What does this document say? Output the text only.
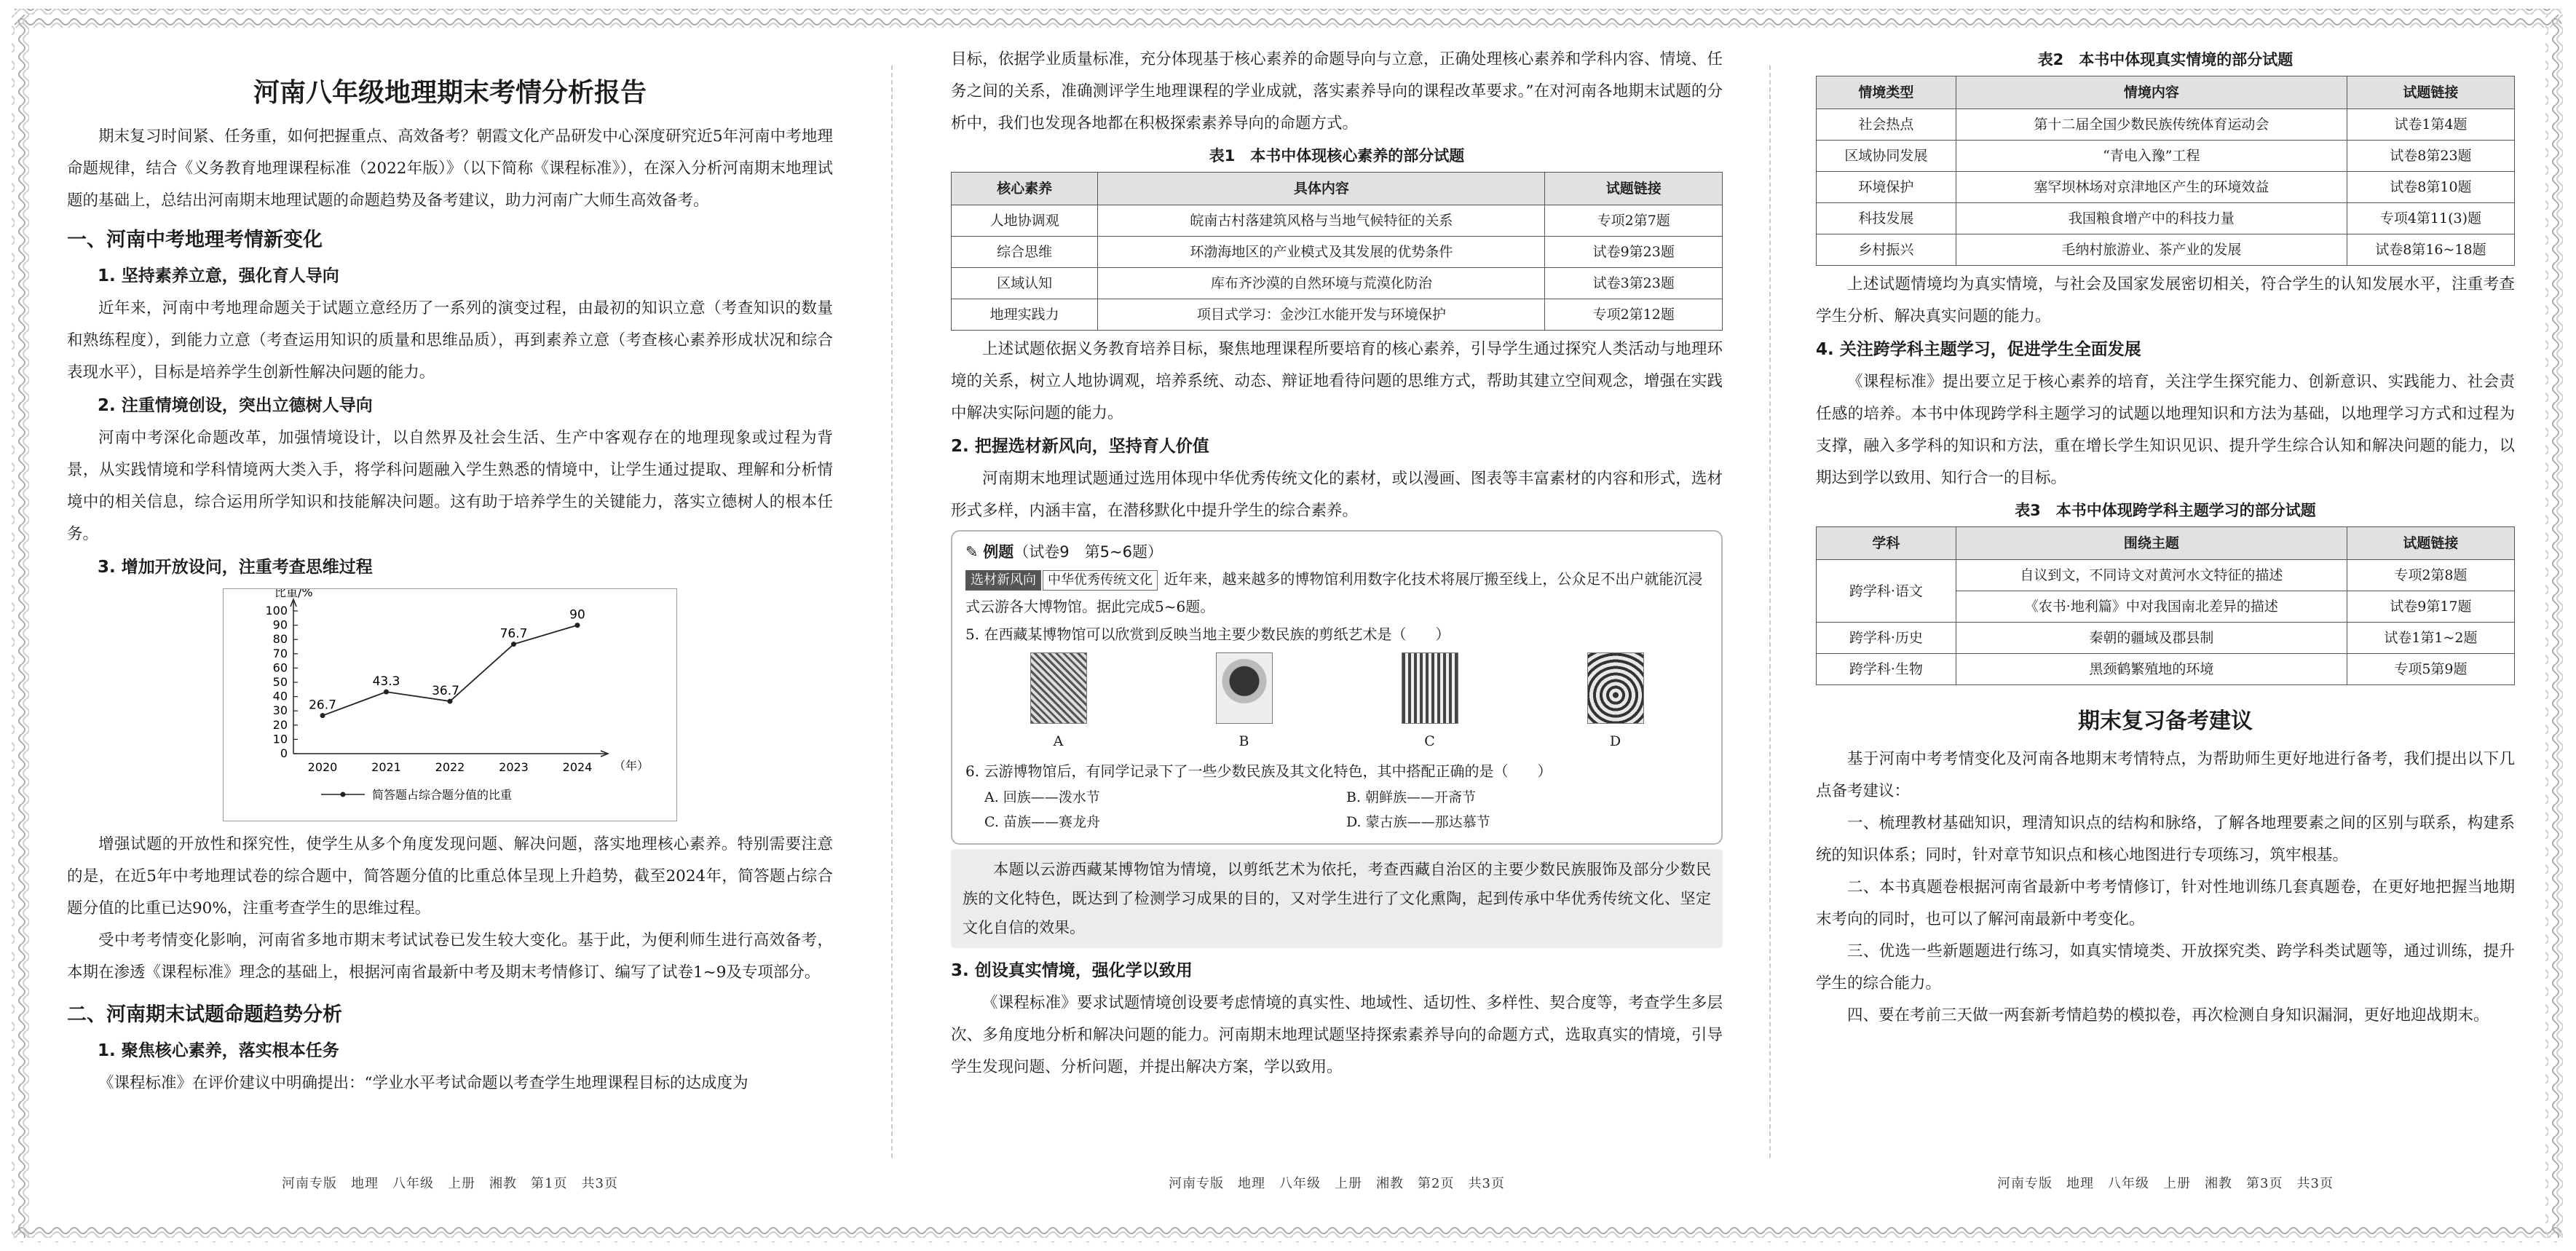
河南八年级地理期末考情分析报告

期末复习时间紧、任务重，如何把握重点、高效备考？朝霞文化产品研发中心深度研究近5年河南中考地理命题规律，结合《义务教育地理课程标准（2022年版）》（以下简称《课程标准》），在深入分析河南期末地理试题的基础上，总结出河南期末地理试题的命题趋势及备考建议，助力河南广大师生高效备考。

一、河南中考地理考情新变化
1. 坚持素养立意，强化育人导向

近年来，河南中考地理命题关于试题立意经历了一系列的演变过程，由最初的知识立意（考查知识的数量和熟练程度），到能力立意（考查运用知识的质量和思维品质），再到素养立意（考查核心素养形成状况和综合表现水平），目标是培养学生创新性解决问题的能力。

2. 注重情境创设，突出立德树人导向

河南中考深化命题改革，加强情境设计，以自然界及社会生活、生产中客观存在的地理现象或过程为背景，从实践情境和学科情境两大类入手，将学科问题融入学生熟悉的情境中，让学生通过提取、理解和分析情境中的相关信息，综合运用所学知识和技能解决问题。这有助于培养学生的关键能力，落实立德树人的根本任务。

3. 增加开放设问，注重考查思维过程
比重/%
（年）
0
10
20
30
40
50
60
70
80
90
100
2020	2021	2022	2023	2024
26.7
43.3
36.7
76.7
90
简答题占综合题分值的比重

增强试题的开放性和探究性，使学生从多个角度发现问题、解决问题，落实地理核心素养。特别需要注意的是，在近5年中考地理试卷的综合题中，简答题分值的比重总体呈现上升趋势，截至2024年，简答题占综合题分值的比重已达90%，注重考查学生的思维过程。

受中考考情变化影响，河南省多地市期末考试试卷已发生较大变化。基于此，为便利师生进行高效备考，本期在渗透《课程标准》理念的基础上，根据河南省最新中考及期末考情修订、编写了试卷1~9及专项部分。

二、河南期末试题命题趋势分析
1. 聚焦核心素养，落实根本任务

《课程标准》在评价建议中明确提出：“学业水平考试命题以考查学生地理课程目标的达成度为

目标，依据学业质量标准，充分体现基于核心素养的命题导向与立意，正确处理核心素养和学科内容、情境、任务之间的关系，准确测评学生地理课程的学业成就，落实素养导向的课程改革要求。”在对河南各地期末试题的分析中，我们也发现各地都在积极探索素养导向的命题方式。

表1　本书中体现核心素养的部分试题
核心素养	具体内容	试题链接
人地协调观	皖南古村落建筑风格与当地气候特征的关系	专项2第7题
综合思维	环渤海地区的产业模式及其发展的优势条件	试卷9第23题
区域认知	库布齐沙漠的自然环境与荒漠化防治	试卷3第23题
地理实践力	项目式学习：金沙江水能开发与环境保护	专项2第12题

上述试题依据义务教育培养目标，聚焦地理课程所要培育的核心素养，引导学生通过探究人类活动与地理环境的关系，树立人地协调观，培养系统、动态、辩证地看待问题的思维方式，帮助其建立空间观念，增强在实践中解决实际问题的能力。

2. 把握选材新风向，坚持育人价值

河南期末地理试题通过选用体现中华优秀传统文化的素材，或以漫画、图表等丰富素材的内容和形式，选材形式多样，内涵丰富，在潜移默化中提升学生的综合素养。

✎ 例题（试卷9　第5~6题）
选材新风向 中华优秀传统文化 近年来，越来越多的博物馆利用数字化技术将展厅搬至线上，公众足不出户就能沉浸式云游各大博物馆。据此完成5~6题。
5. 在西藏某博物馆可以欣赏到反映当地主要少数民族的剪纸艺术是（　　）
A	B	C	D
6. 云游博物馆后，有同学记录下了一些少数民族及其文化特色，其中搭配正确的是（　　）
A. 回族——泼水节	B. 朝鲜族——开斋节
C. 苗族——赛龙舟	D. 蒙古族——那达慕节

本题以云游西藏某博物馆为情境，以剪纸艺术为依托，考查西藏自治区的主要少数民族服饰及部分少数民族的文化特色，既达到了检测学习成果的目的，又对学生进行了文化熏陶，起到传承中华优秀传统文化、坚定文化自信的效果。

3. 创设真实情境，强化学以致用

《课程标准》要求试题情境创设要考虑情境的真实性、地域性、适切性、多样性、契合度等，考查学生多层次、多角度地分析和解决问题的能力。河南期末地理试题坚持探索素养导向的命题方式，选取真实的情境，引导学生发现问题、分析问题，并提出解决方案，学以致用。

表2　本书中体现真实情境的部分试题
情境类型	情境内容	试题链接
社会热点	第十二届全国少数民族传统体育运动会	试卷1第4题
区域协同发展	“青电入豫”工程	试卷8第23题
环境保护	塞罕坝林场对京津地区产生的环境效益	试卷8第10题
科技发展	我国粮食增产中的科技力量	专项4第11(3)题
乡村振兴	毛纳村旅游业、茶产业的发展	试卷8第16~18题

上述试题情境均为真实情境，与社会及国家发展密切相关，符合学生的认知发展水平，注重考查学生分析、解决真实问题的能力。

4. 关注跨学科主题学习，促进学生全面发展

《课程标准》提出要立足于核心素养的培育，关注学生探究能力、创新意识、实践能力、社会责任感的培养。本书中体现跨学科主题学习的试题以地理知识和方法为基础，以地理学习方式和过程为支撑，融入多学科的知识和方法，重在增长学生知识见识、提升学生综合认知和解决问题的能力，以期达到学以致用、知行合一的目标。

表3　本书中体现跨学科主题学习的部分试题
学科	围绕主题	试题链接
跨学科·语文	自议到文，不同诗文对黄河水文特征的描述	专项2第8题
	《农书·地利篇》中对我国南北差异的描述	试卷9第17题
跨学科·历史	秦朝的疆域及郡县制	试卷1第1~2题
跨学科·生物	黑颈鹤繁殖地的环境	专项5第9题
期末复习备考建议

基于河南中考考情变化及河南各地期末考情特点，为帮助师生更好地进行备考，我们提出以下几点备考建议：

一、梳理教材基础知识，理清知识点的结构和脉络，了解各地理要素之间的区别与联系，构建系统的知识体系；同时，针对章节知识点和核心地图进行专项练习，筑牢根基。

二、本书真题卷根据河南省最新中考考情修订，针对性地训练几套真题卷，在更好地把握当地期末考向的同时，也可以了解河南最新中考变化。

三、优选一些新题题进行练习，如真实情境类、开放探究类、跨学科类试题等，通过训练，提升学生的综合能力。

四、要在考前三天做一两套新考情趋势的模拟卷，再次检测自身知识漏洞，更好地迎战期末。

河南专版　地理　八年级　上册　湘教　第1页　共3页	河南专版　地理　八年级　上册　湘教　第2页　共3页	河南专版　地理　八年级　上册　湘教　第3页　共3页
